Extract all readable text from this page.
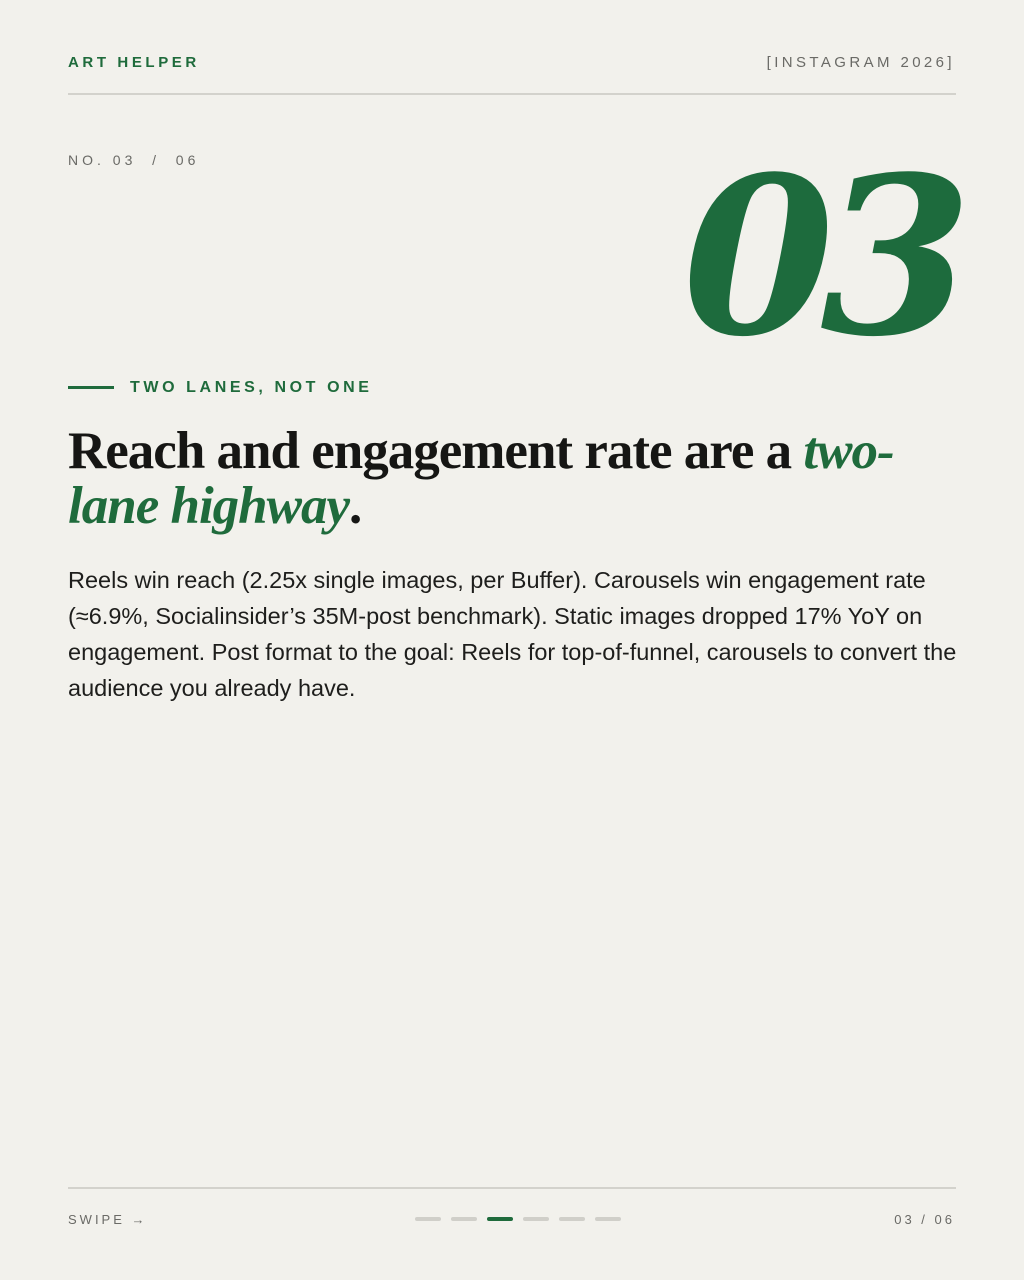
ART HELPER	[INSTAGRAM 2026]
NO. 03  /  06 03
TWO LANES, NOT ONE
Reach and engagement rate are a two-lane highway.

Reels win reach (2.25x single images, per Buffer). Carousels win engagement rate (≈6.9%, Socialinsider’s 35M-post benchmark). Static images dropped 17% YoY on engagement. Post format to the goal: Reels for top-of-funnel, carousels to convert the audience you already have.

SWIPE →	03 / 06
